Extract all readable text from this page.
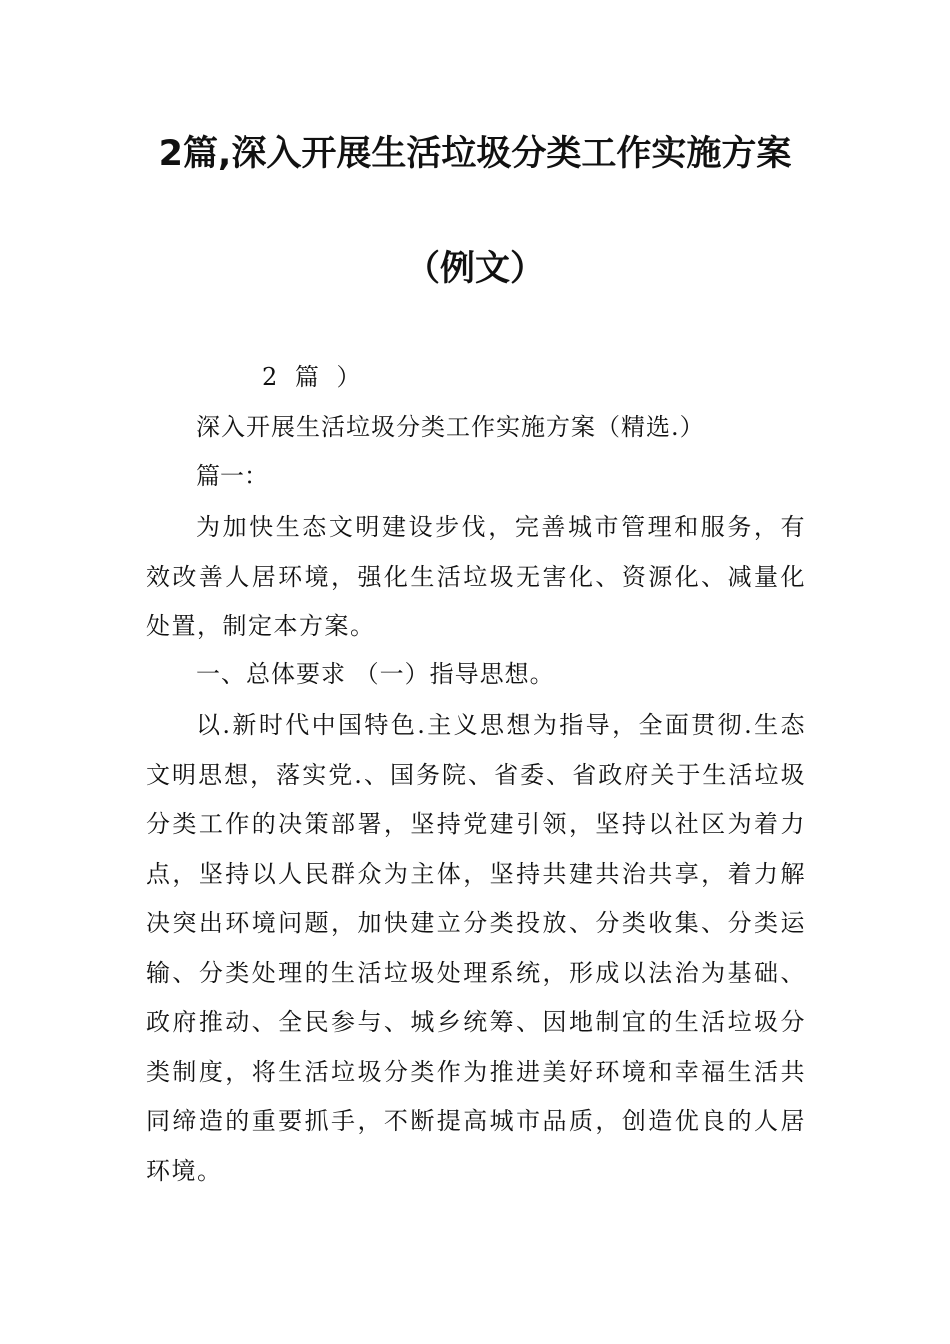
2篇,深入开展生活垃圾分类工作实施方案
（例文）
2 篇 ）
深入开展生活垃圾分类工作实施方案（精选.）
篇一：

为加快生态文明建设步伐，完善城市管理和服务，有效改善人居环境，强化生活垃圾无害化、资源化、减量化处置，制定本方案。

一、总体要求 （一）指导思想。

以.新时代中国特色.主义思想为指导，全面贯彻.生态文明思想，落实党.、国务院、省委、省政府关于生活垃圾分类工作的决策部署，坚持党建引领，坚持以社区为着力点，坚持以人民群众为主体，坚持共建共治共享，着力解决突出环境问题，加快建立分类投放、分类收集、分类运输、分类处理的生活垃圾处理系统，形成以法治为基础、政府推动、全民参与、城乡统筹、因地制宜的生活垃圾分类制度，将生活垃圾分类作为推进美好环境和幸福生活共同缔造的重要抓手，不断提高城市品质，创造优良的人居环境。
